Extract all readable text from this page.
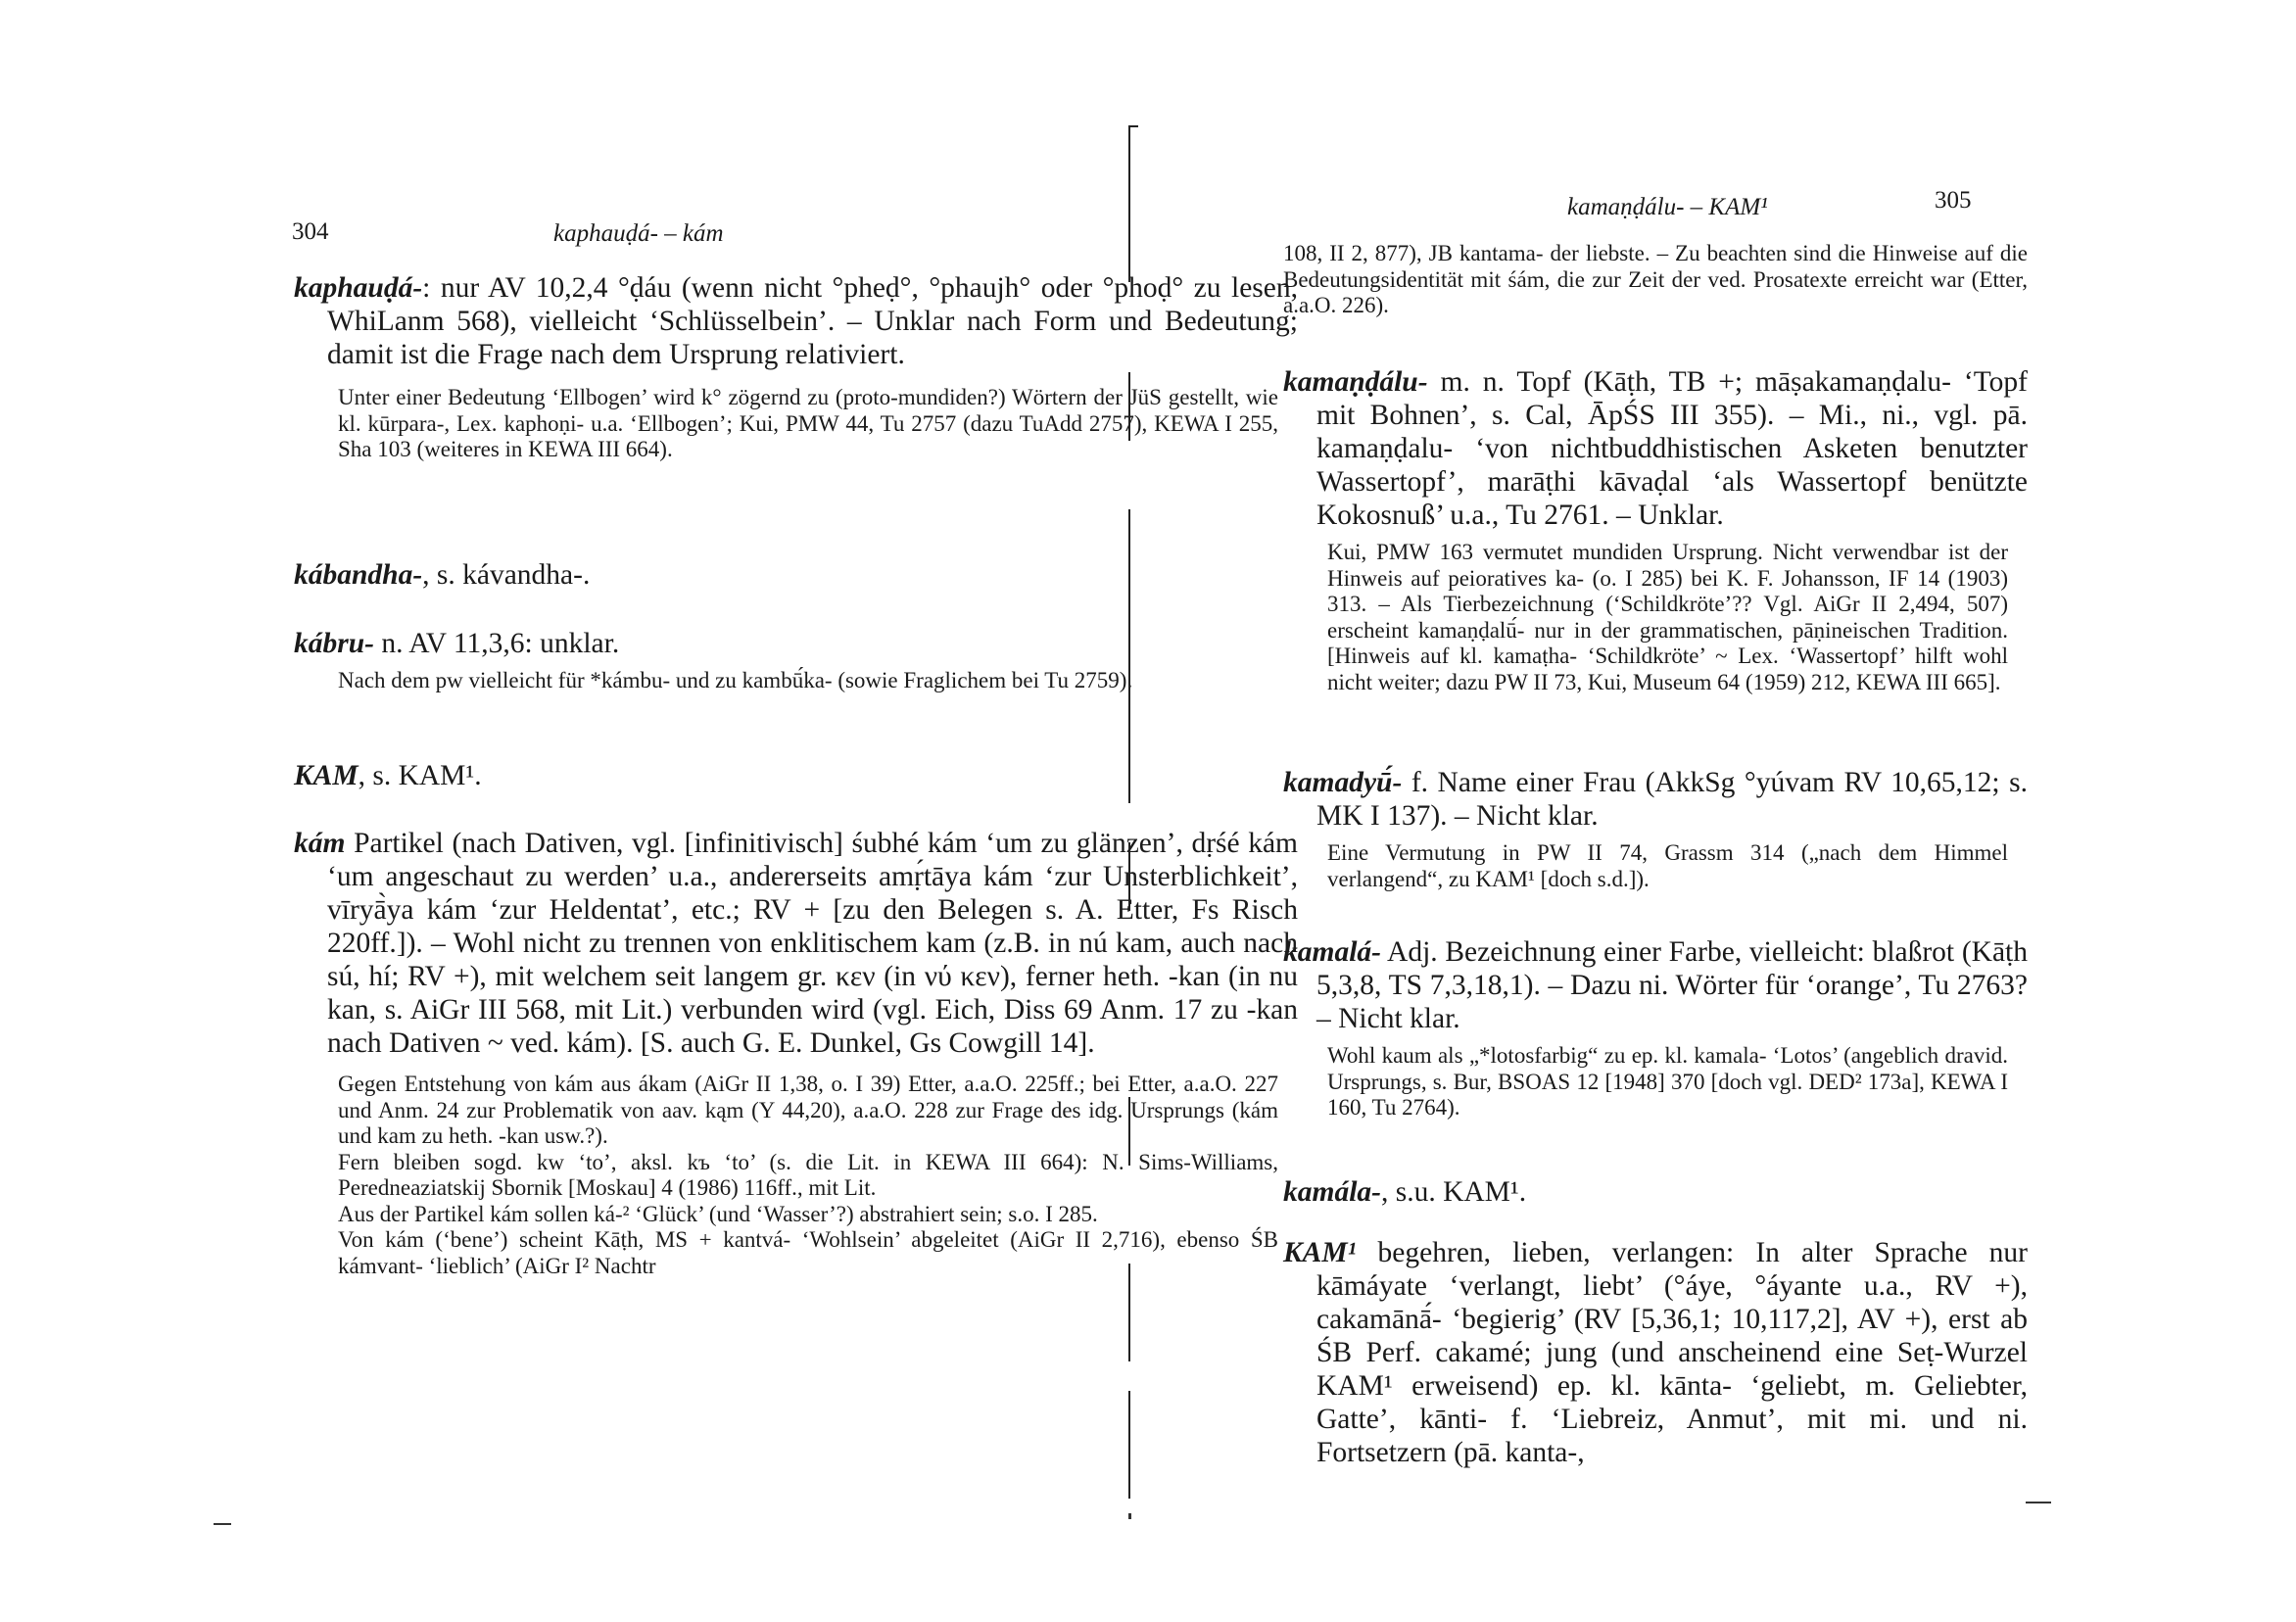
304	kaphauḍá- – kám

kaphauḍá-: nur AV 10,2,4 °ḍáu (wenn nicht °pheḍ°, °phaujh° oder °phoḍ° zu lesen, WhiLanm 568), vielleicht ‘Schlüsselbein’. – Unklar nach Form und Bedeutung; damit ist die Frage nach dem Ursprung relativiert.

Unter einer Bedeutung ‘Ellbogen’ wird k° zögernd zu (proto-mundiden?) Wörtern der JüS gestellt, wie kl. kūrpara-, Lex. kaphoṇi- u.a. ‘Ellbogen’; Kui, PMW 44, Tu 2757 (dazu TuAdd 2757), KEWA I 255, Sha 103 (weiteres in KEWA III 664).

kábandha-, s. kávandha-.

kábru- n. AV 11,3,6: unklar.

Nach dem pw vielleicht für *kámbu- und zu kambū́ka- (sowie Fraglichem bei Tu 2759).

KAM, s. KAM¹.

kám Partikel (nach Dativen, vgl. [infinitivisch] śubhé kám ‘um zu glänzen’, dṛśé kám ‘um angeschaut zu werden’ u.a., andererseits amṛ́tāya kám ‘zur Unsterblichkeit’, vīryā̀ya kám ‘zur Heldentat’, etc.; RV + [zu den Belegen s. A. Etter, Fs Risch 220ff.]). – Wohl nicht zu trennen von enklitischem kam (z.B. in nú kam, auch nach sú, hí; RV +), mit welchem seit langem gr. κεν (in νύ κεν), ferner heth. -kan (in nu kan, s. AiGr III 568, mit Lit.) verbunden wird (vgl. Eich, Diss 69 Anm. 17 zu -kan nach Dativen ~ ved. kám). [S. auch G. E. Dunkel, Gs Cowgill 14].

Gegen Entstehung von kám aus ákam (AiGr II 1,38, o. I 39) Etter, a.a.O. 225ff.; bei Etter, a.a.O. 227 und Anm. 24 zur Problematik von aav. kąm (Y 44,20), a.a.O. 228 zur Frage des idg. Ursprungs (kám und kam zu heth. -kan usw.?).

Fern bleiben sogd. kw ‘to’, aksl. kъ ‘to’ (s. die Lit. in KEWA III 664): N. Sims-Williams, Peredneaziatskij Sbornik [Moskau] 4 (1986) 116ff., mit Lit.

Aus der Partikel kám sollen ká-² ‘Glück’ (und ‘Wasser’?) abstrahiert sein; s.o. I 285.

Von kám (‘bene’) scheint Kāṭh, MS + kantvá- ‘Wohlsein’ abgeleitet (AiGr II 2,716), ebenso ŚB kámvant- ‘lieblich’ (AiGr I² Nachtr

kamaṇḍálu- – KAM¹	305

108, II 2, 877), JB kantama- der liebste. – Zu beachten sind die Hinweise auf die Bedeutungsidentität mit śám, die zur Zeit der ved. Prosatexte erreicht war (Etter, a.a.O. 226).

kamaṇḍálu- m. n. Topf (Kāṭh, TB +; māṣakamaṇḍalu- ‘Topf mit Bohnen’, s. Cal, ĀpŚS III 355). – Mi., ni., vgl. pā. kamaṇḍalu- ‘von nichtbuddhistischen Asketen benutzter Wassertopf’, marāṭhi kāvaḍal ‘als Wassertopf benützte Kokosnuß’ u.a., Tu 2761. – Unklar.

Kui, PMW 163 vermutet mundiden Ursprung. Nicht verwendbar ist der Hinweis auf peioratives ka- (o. I 285) bei K. F. Johansson, IF 14 (1903) 313. – Als Tierbezeichnung (‘Schildkröte’?? Vgl. AiGr II 2,494, 507) erscheint kamaṇḍalū́- nur in der grammatischen, pāṇineischen Tradition. [Hinweis auf kl. kamaṭha- ‘Schildkröte’ ~ Lex. ‘Wassertopf’ hilft wohl nicht weiter; dazu PW II 73, Kui, Museum 64 (1959) 212, KEWA III 665].

kamadyū́- f. Name einer Frau (AkkSg °yúvam RV 10,65,12; s. MK I 137). – Nicht klar.

Eine Vermutung in PW II 74, Grassm 314 („nach dem Himmel verlangend“, zu KAM¹ [doch s.d.]).

kamalá- Adj. Bezeichnung einer Farbe, vielleicht: blaßrot (Kāṭh 5,3,8, TS 7,3,18,1). – Dazu ni. Wörter für ‘orange’, Tu 2763? – Nicht klar.

Wohl kaum als „*lotosfarbig“ zu ep. kl. kamala- ‘Lotos’ (angeblich dravid. Ursprungs, s. Bur, BSOAS 12 [1948] 370 [doch vgl. DED² 173a], KEWA I 160, Tu 2764).

kamála-, s.u. KAM¹.

KAM¹ begehren, lieben, verlangen: In alter Sprache nur kāmáyate ‘verlangt, liebt’ (°áye, °áyante u.a., RV +), cakamānā́- ‘begierig’ (RV [5,36,1; 10,117,2], AV +), erst ab ŚB Perf. cakamé; jung (und anscheinend eine Seṭ-Wurzel KAM¹ erweisend) ep. kl. kānta- ‘geliebt, m. Geliebter, Gatte’, kānti- f. ‘Liebreiz, Anmut’, mit mi. und ni. Fortsetzern (pā. kanta-,
